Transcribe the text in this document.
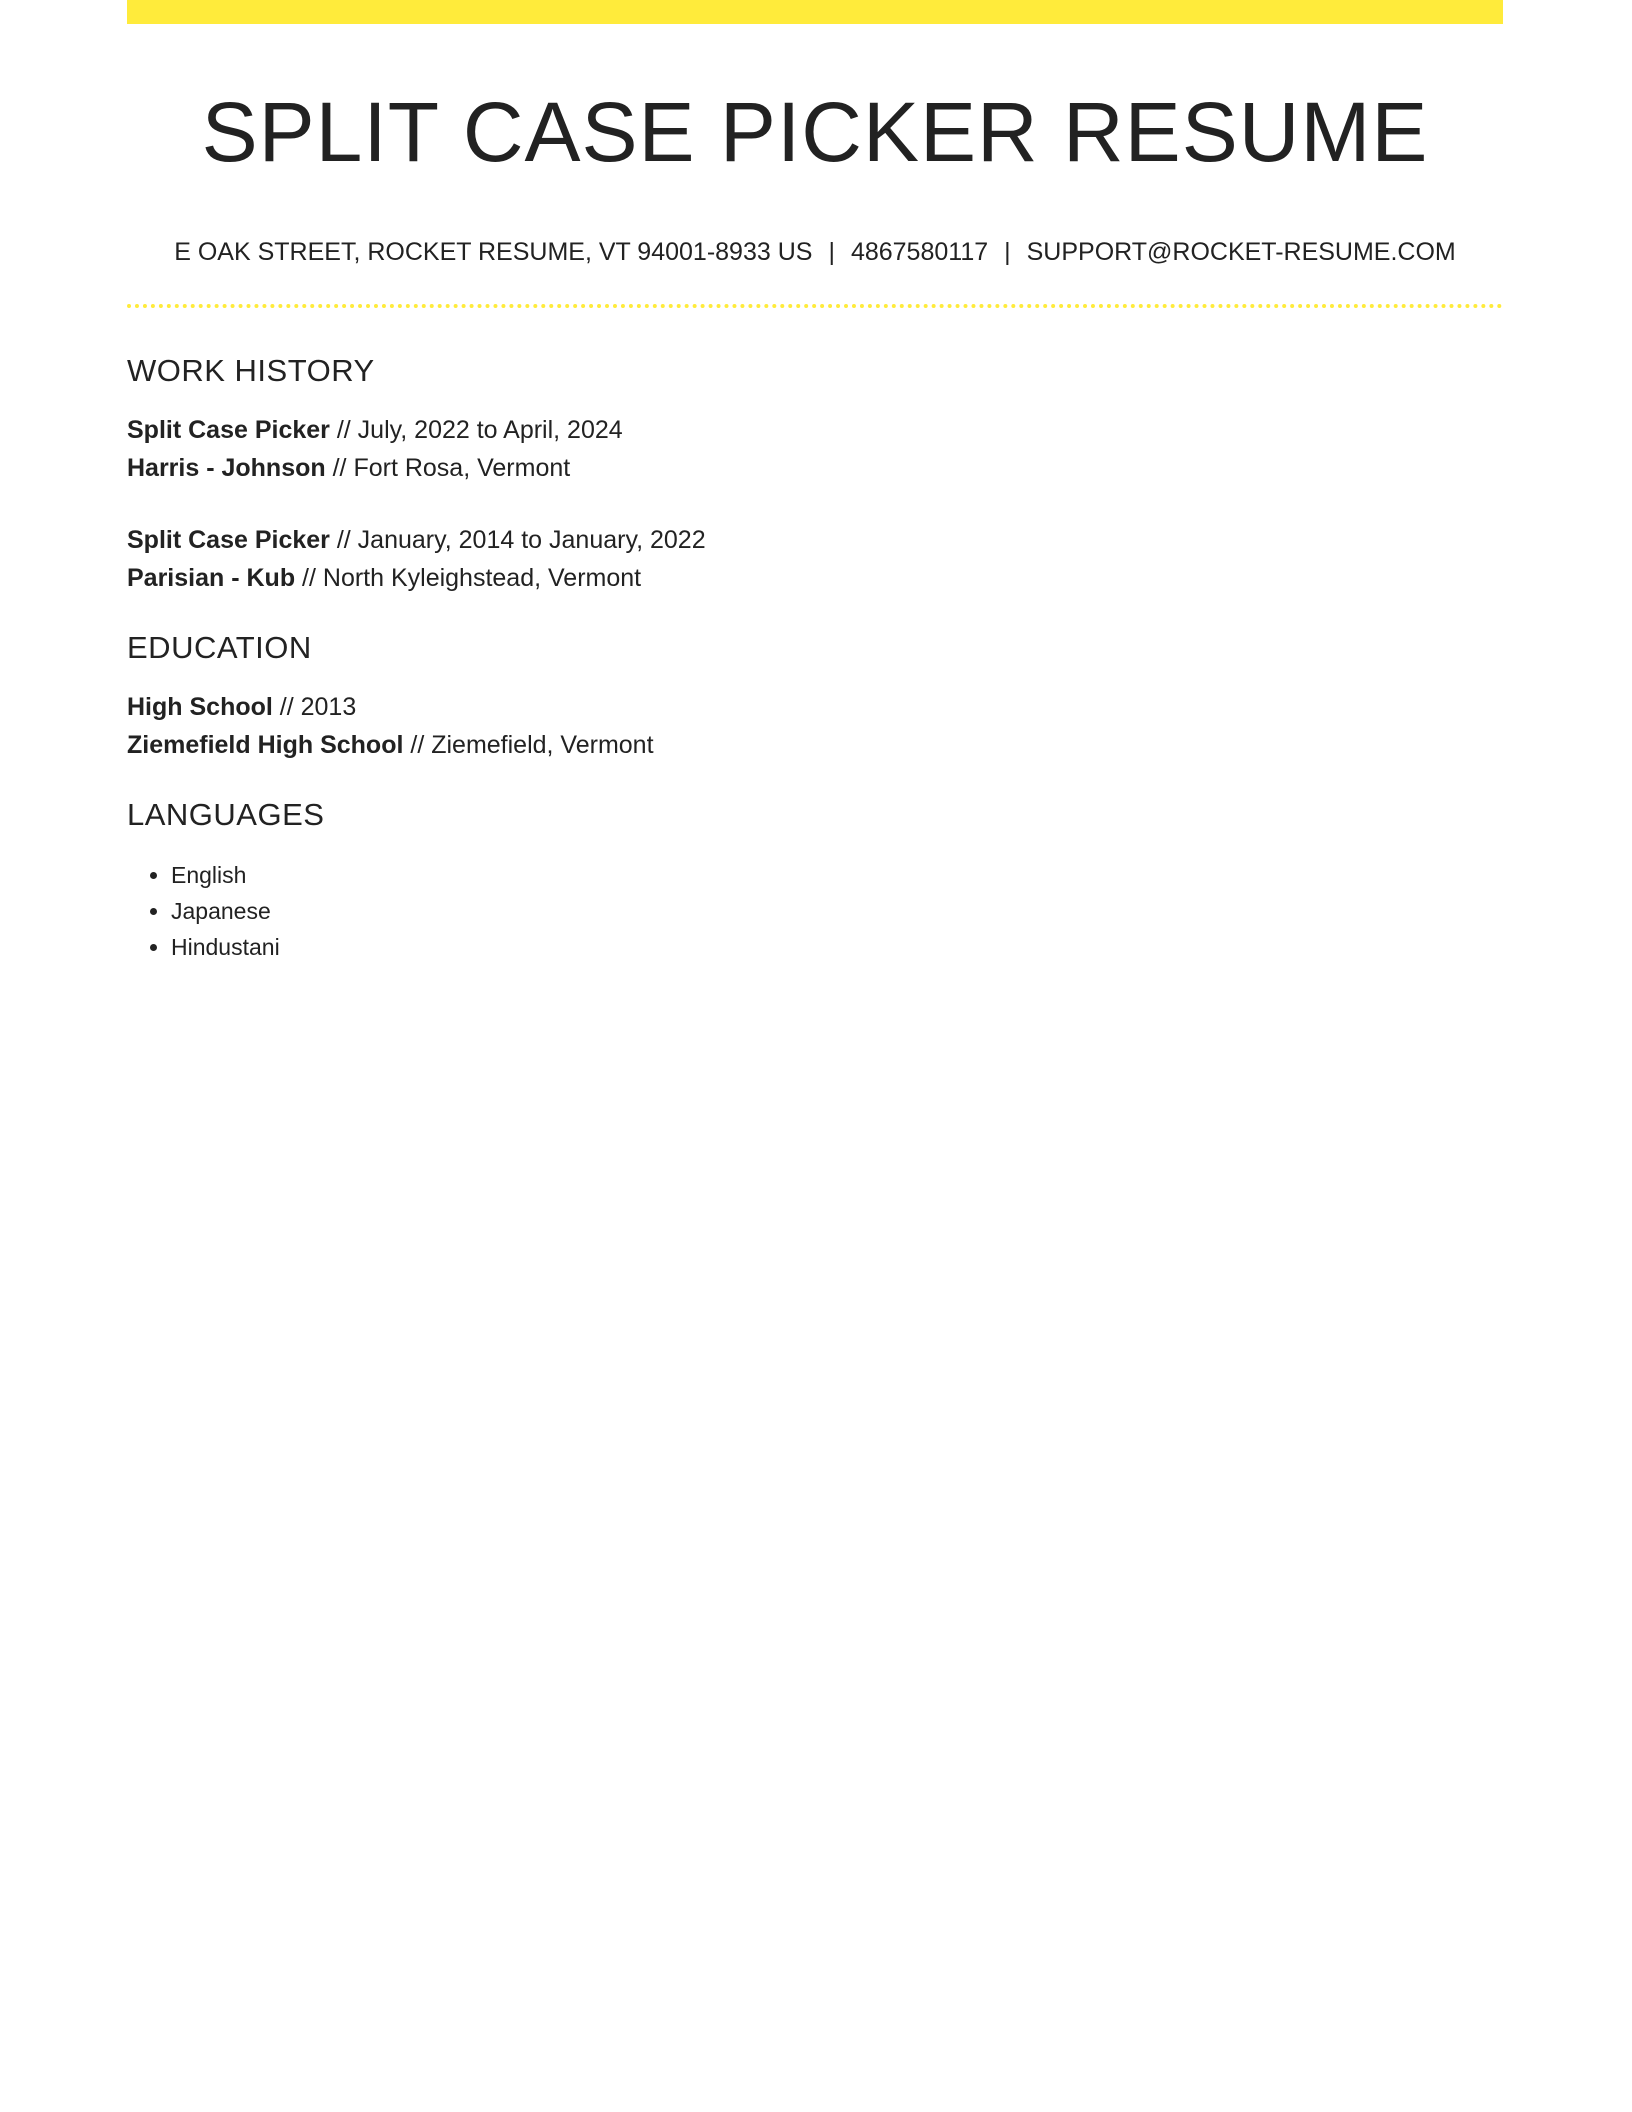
SPLIT CASE PICKER RESUME
E OAK STREET, ROCKET RESUME, VT 94001-8933 US | 4867580117 | SUPPORT@ROCKET-RESUME.COM
WORK HISTORY
Split Case Picker // July, 2022 to April, 2024
Harris - Johnson // Fort Rosa, Vermont
Split Case Picker // January, 2014 to January, 2022
Parisian - Kub // North Kyleighstead, Vermont
EDUCATION
High School // 2013
Ziemefield High School // Ziemefield, Vermont
LANGUAGES
• English
• Japanese
• Hindustani
